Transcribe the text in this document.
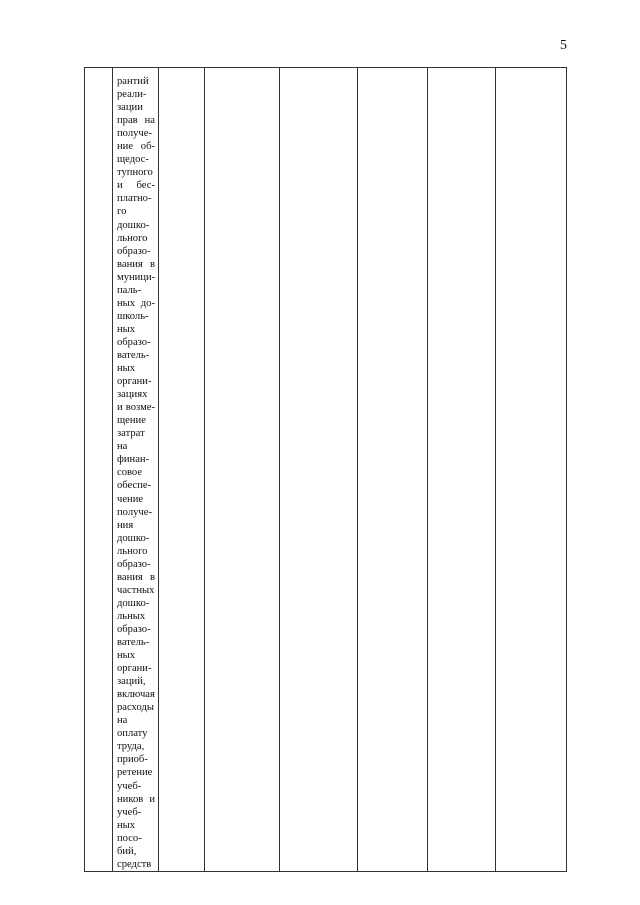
5

рантий
реали-
зации
прав на
получе-
ние об-
щедос-
тупного
и бес-
платно-
го
дошко-
льного
образо-
вания в
муници-
паль-
ных до-
школь-
ных
образо-
ватель-
ных
органи-
зациях
и возме-
щение
затрат
на
финан-
совое
обеспе-
чение
получе-
ния
дошко-
льного
образо-
вания в
частных
дошко-
льных
образо-
ватель-
ных
органи-
заций,
включая
расходы
на
оплату
труда,
приоб-
ретение
учеб-
ников и
учеб-
ных
посо-
бий,
средств
